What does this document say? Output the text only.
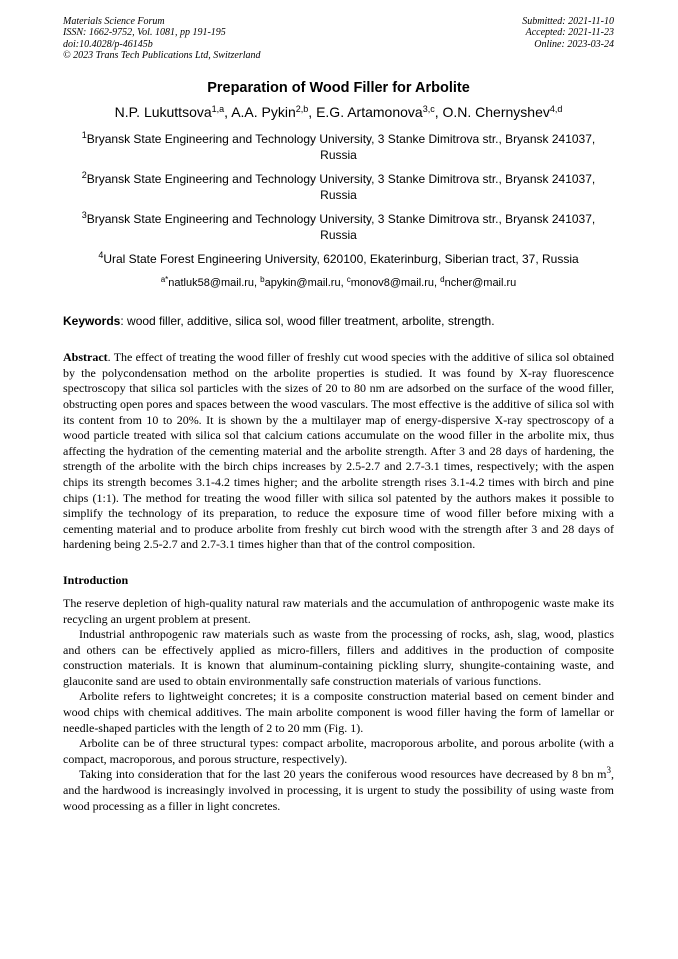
Materials Science Forum
ISSN: 1662-9752, Vol. 1081, pp 191-195
doi:10.4028/p-46145b
© 2023 Trans Tech Publications Ltd, Switzerland
Submitted: 2021-11-10
Accepted: 2021-11-23
Online: 2023-03-24
Preparation of Wood Filler for Arbolite
N.P. Lukuttsova$^{1,a}$, A.A. Pykin$^{2,b}$, E.G. Artamonova$^{3,c}$, O.N. Chernyshev$^{4,d}$
$^1$Bryansk State Engineering and Technology University, 3 Stanke Dimitrova str., Bryansk 241037, Russia
$^2$Bryansk State Engineering and Technology University, 3 Stanke Dimitrova str., Bryansk 241037, Russia
$^3$Bryansk State Engineering and Technology University, 3 Stanke Dimitrova str., Bryansk 241037, Russia
$^4$Ural State Forest Engineering University, 620100, Ekaterinburg, Siberian tract, 37, Russia
$^{a*}$natluk58@mail.ru, $^b$apykin@mail.ru, $^c$monov8@mail.ru, $^d$ncher@mail.ru
Keywords: wood filler, additive, silica sol, wood filler treatment, arbolite, strength.
Abstract. The effect of treating the wood filler of freshly cut wood species with the additive of silica sol obtained by the polycondensation method on the arbolite properties is studied. It was found by X-ray fluorescence spectroscopy that silica sol particles with the sizes of 20 to 80 nm are adsorbed on the surface of the wood filler, obstructing open pores and spaces between the wood vasculars. The most effective is the additive of silica sol with its content from 10 to 20%. It is shown by the a multilayer map of energy-dispersive X-ray spectroscopy of a wood particle treated with silica sol that calcium cations accumulate on the wood filler in the arbolite mix, thus affecting the hydration of the cementing material and the arbolite strength. After 3 and 28 days of hardening, the strength of the arbolite with the birch chips increases by 2.5-2.7 and 2.7-3.1 times, respectively; with the aspen chips its strength becomes 3.1-4.2 times higher; and the arbolite strength rises 3.1-4.2 times with birch and pine chips (1:1). The method for treating the wood filler with silica sol patented by the authors makes it possible to simplify the technology of its preparation, to reduce the exposure time of wood filler before mixing with a cementing material and to produce arbolite from freshly cut birch wood with the strength after 3 and 28 days of hardening being 2.5-2.7 and 2.7-3.1 times higher than that of the control composition.
Introduction

The reserve depletion of high-quality natural raw materials and the accumulation of anthropogenic waste make its recycling an urgent problem at present.

Industrial anthropogenic raw materials such as waste from the processing of rocks, ash, slag, wood, plastics and others can be effectively applied as micro-fillers, fillers and additives in the production of composite construction materials. It is known that aluminum-containing pickling slurry, shungite-containing waste, and glauconite sand are used to obtain environmentally safe construction materials of various functions.

Arbolite refers to lightweight concretes; it is a composite construction material based on cement binder and wood chips with chemical additives. The main arbolite component is wood filler having the form of lamellar or needle-shaped particles with the length of 2 to 20 mm (Fig. 1).

Arbolite can be of three structural types: compact arbolite, macroporous arbolite, and porous arbolite (with a compact, macroporous, and porous structure, respectively).

Taking into consideration that for the last 20 years the coniferous wood resources have decreased by 8 bn $m^3$, and the hardwood is increasingly involved in processing, it is urgent to study the possibility of using waste from wood processing as a filler in light concretes.
